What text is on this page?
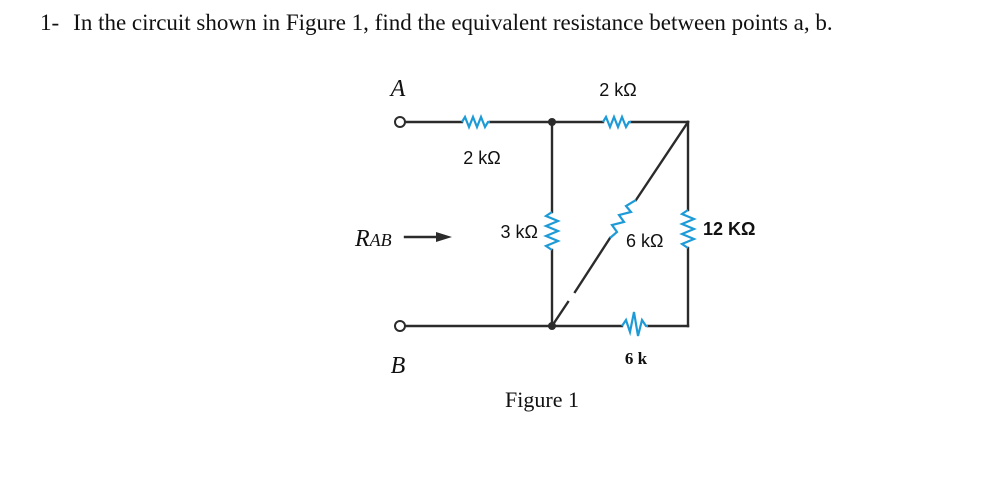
1- In the circuit shown in Figure 1, find the equivalent resistance between points a, b.
A
B
RAB
2 kΩ
2 kΩ
3 kΩ	6 kΩ
12 KΩ
6 k
Figure 1
